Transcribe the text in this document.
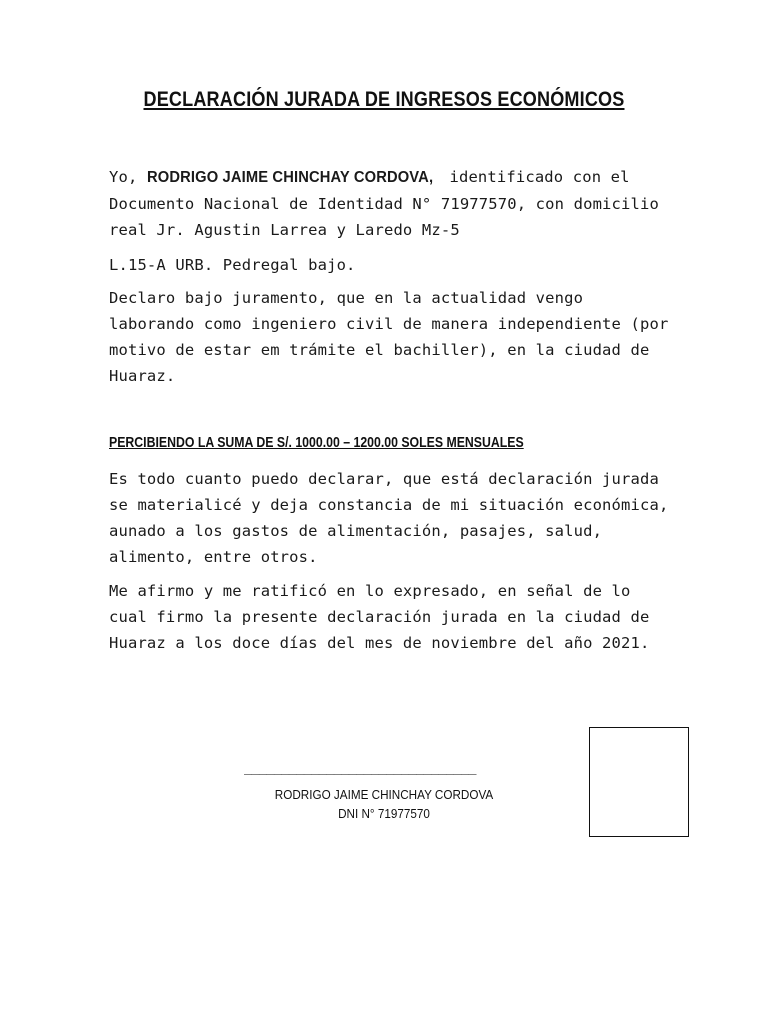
DECLARACIÓN JURADA DE INGRESOS ECONÓMICOS
Yo, RODRIGO JAIME CHINCHAY CORDOVA, identificado con el Documento Nacional de Identidad N° 71977570, con domicilio real Jr. Agustin Larrea y Laredo Mz-5
L.15-A URB. Pedregal bajo.
Declaro bajo juramento, que en la actualidad vengo laborando como ingeniero civil de manera independiente (por motivo de estar em trámite el bachiller), en la ciudad de Huaraz.
PERCIBIENDO LA SUMA DE S/. 1000.00 – 1200.00 SOLES MENSUALES
Es todo cuanto puedo declarar, que está declaración jurada se materialicé y deja constancia de mi situación económica, aunado a los gastos de alimentación, pasajes, salud, alimento, entre otros.
Me afirmo y me ratificó en lo expresado, en señal de lo cual firmo la presente declaración jurada en la ciudad de Huaraz a los doce días del mes de noviembre del año 2021.
_______________________________
RODRIGO JAIME CHINCHAY CORDOVA
DNI N° 71977570
